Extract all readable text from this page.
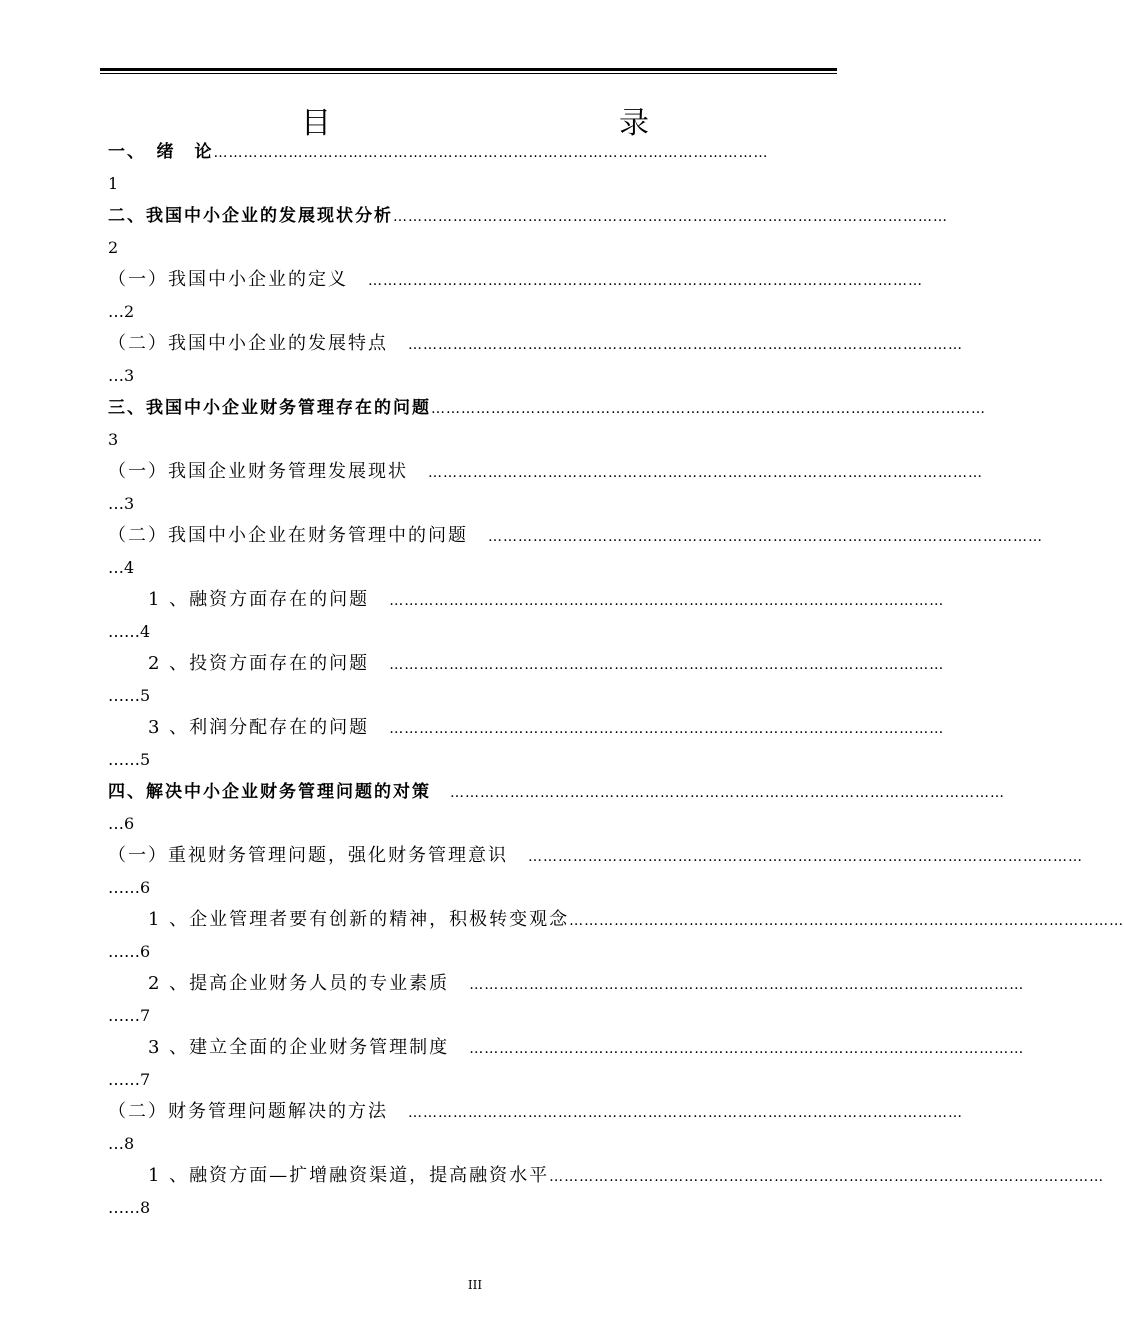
目　　录
一、　绪　论 …………………………………………………………………………………………………
1
二、我国中小企业的发展现状分析 …………………………………………………………………………………………………
2
（一）我国中小企业的定义　 …………………………………………………………………………………………………
…2
（二）我国中小企业的发展特点　 …………………………………………………………………………………………………
…3
三、我国中小企业财务管理存在的问题 …………………………………………………………………………………………………
3
（一）我国企业财务管理发展现状　 …………………………………………………………………………………………………
…3
（二）我国中小企业在财务管理中的问题　 …………………………………………………………………………………………………
…4
1 、融资方面存在的问题　 …………………………………………………………………………………………………
……4
2 、投资方面存在的问题　 …………………………………………………………………………………………………
……5
3 、利润分配存在的问题　 …………………………………………………………………………………………………
……5
四、解决中小企业财务管理问题的对策　 …………………………………………………………………………………………………
…6
（一）重视财务管理问题，强化财务管理意识　 …………………………………………………………………………………………………
……6
1 、企业管理者要有创新的精神，积极转变观念 …………………………………………………………………………………………………
……6
2 、提高企业财务人员的专业素质　 …………………………………………………………………………………………………
……7
3 、建立全面的企业财务管理制度　 …………………………………………………………………………………………………
……7
（二）财务管理问题解决的方法　 …………………………………………………………………………………………………
…8
1 、融资方面—扩增融资渠道，提高融资水平 …………………………………………………………………………………………………
……8
III
